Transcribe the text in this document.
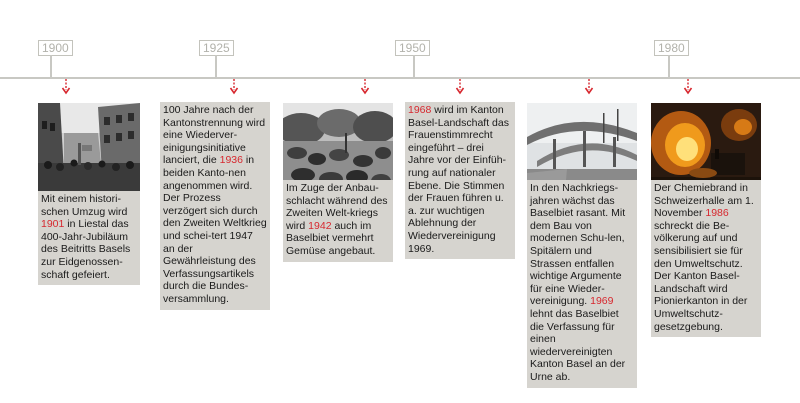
1900	1925	1950	1980
Mit einem histori-schen Umzug wird 1901 in Liestal das 400-Jahr-Jubiläum des Beitritts Basels zur Eidgenossen-schaft gefeiert.
100 Jahre nach der Kantonstrennung wird eine Wiederver-einigungsinitiative lanciert, die 1936 in beiden Kanto-nen angenommen wird. Der Prozess verzögert sich durch den Zweiten Weltkrieg und schei-tert 1947 an der Gewährleistung des Verfassungsartikels durch die Bundes-versammlung.
Im Zuge der Anbau-schlacht während des Zweiten Welt-kriegs wird 1942 auch im Baselbiet vermehrt Gemüse angebaut.
1968 wird im Kanton Basel-Landschaft das Frauenstimmrecht eingeführt – drei Jahre vor der Einfüh-rung auf nationaler Ebene. Die Stimmen der Frauen führen u. a. zur wuchtigen Ablehnung der Wiedervereinigung 1969.
In den Nachkriegs-jahren wächst das Baselbiet rasant. Mit dem Bau von modernen Schu-len, Spitälern und Strassen entfallen wichtige Argumente für eine Wieder-vereinigung. 1969 lehnt das Baselbiet die Verfassung für einen wiedervereinigten Kanton Basel an der Urne ab.
Der Chemiebrand in Schweizerhalle am 1. November 1986 schreckt die Be-völkerung auf und sensibilisiert sie für den Umweltschutz. Der Kanton Basel-Landschaft wird Pionierkanton in der Umweltschutz-gesetzgebung.
